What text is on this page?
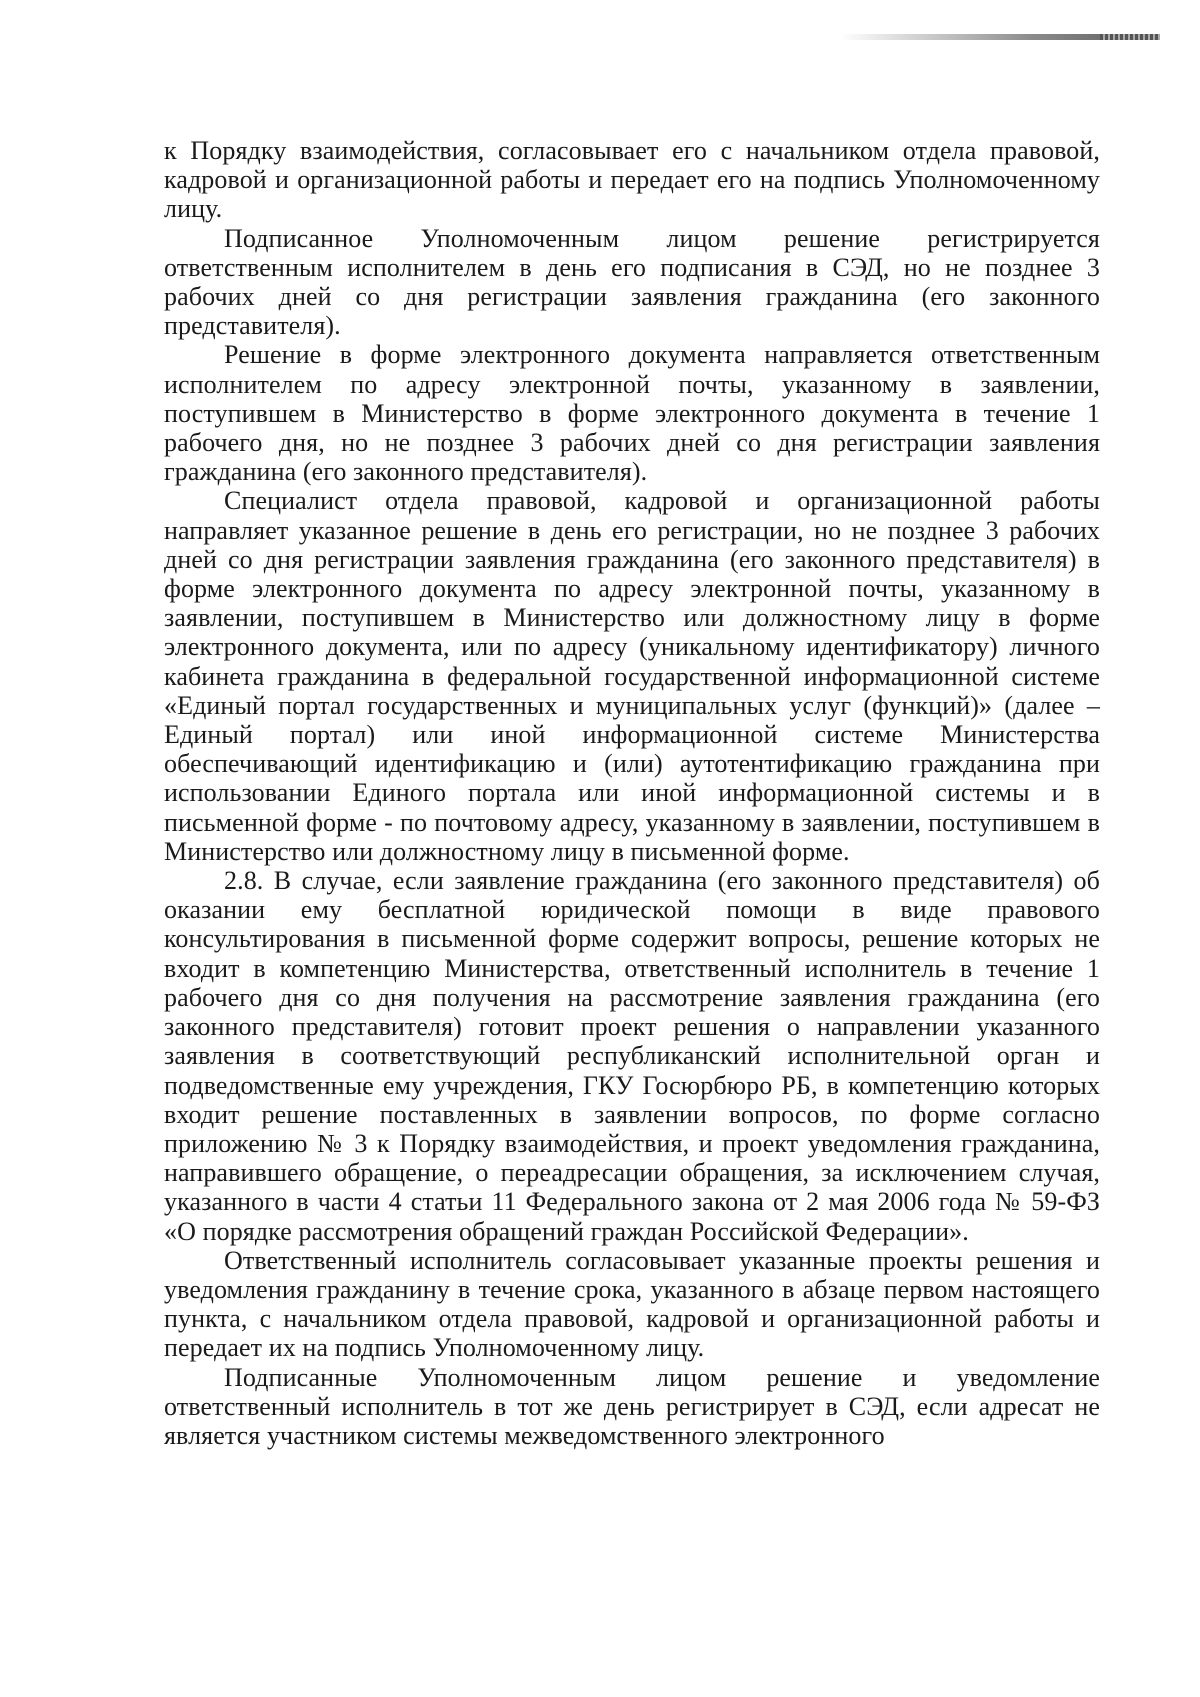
к Порядку взаимодействия, согласовывает его с начальником отдела правовой, кадровой и организационной работы и передает его на подпись Уполномоченному лицу.

Подписанное Уполномоченным лицом решение регистрируется ответственным исполнителем в день его подписания в СЭД, но не позднее 3 рабочих дней со дня регистрации заявления гражданина (его законного представителя).

Решение в форме электронного документа направляется ответственным исполнителем по адресу электронной почты, указанному в заявлении, поступившем в Министерство в форме электронного документа в течение 1 рабочего дня, но не позднее 3 рабочих дней со дня регистрации заявления гражданина (его законного представителя).

Специалист отдела правовой, кадровой и организационной работы направляет указанное решение в день его регистрации, но не позднее 3 рабочих дней со дня регистрации заявления гражданина (его законного представителя) в форме электронного документа по адресу электронной почты, указанному в заявлении, поступившем в Министерство или должностному лицу в форме электронного документа, или по адресу (уникальному идентификатору) личного кабинета гражданина в федеральной государственной информационной системе «Единый портал государственных и муниципальных услуг (функций)» (далее – Единый портал) или иной информационной системе Министерства обеспечивающий идентификацию и (или) аутотентификацию гражданина при использовании Единого портала или иной информационной системы и в письменной форме - по почтовому адресу, указанному в заявлении, поступившем в Министерство или должностному лицу в письменной форме.

2.8. В случае, если заявление гражданина (его законного представителя) об оказании ему бесплатной юридической помощи в виде правового консультирования в письменной форме содержит вопросы, решение которых не входит в компетенцию Министерства, ответственный исполнитель в течение 1 рабочего дня со дня получения на рассмотрение заявления гражданина (его законного представителя) готовит проект решения о направлении указанного заявления в соответствующий республиканский исполнительной орган и подведомственные ему учреждения, ГКУ Госюрбюро РБ, в компетенцию которых входит решение поставленных в заявлении вопросов, по форме согласно приложению № 3 к Порядку взаимодействия, и проект уведомления гражданина, направившего обращение, о переадресации обращения, за исключением случая, указанного в части 4 статьи 11 Федерального закона от 2 мая 2006 года № 59-ФЗ «О порядке рассмотрения обращений граждан Российской Федерации».

Ответственный исполнитель согласовывает указанные проекты решения и уведомления гражданину в течение срока, указанного в абзаце первом настоящего пункта, с начальником отдела правовой, кадровой и организационной работы и передает их на подпись Уполномоченному лицу.

Подписанные Уполномоченным лицом решение и уведомление ответственный исполнитель в тот же день регистрирует в СЭД, если адресат не является участником системы межведомственного электронного
